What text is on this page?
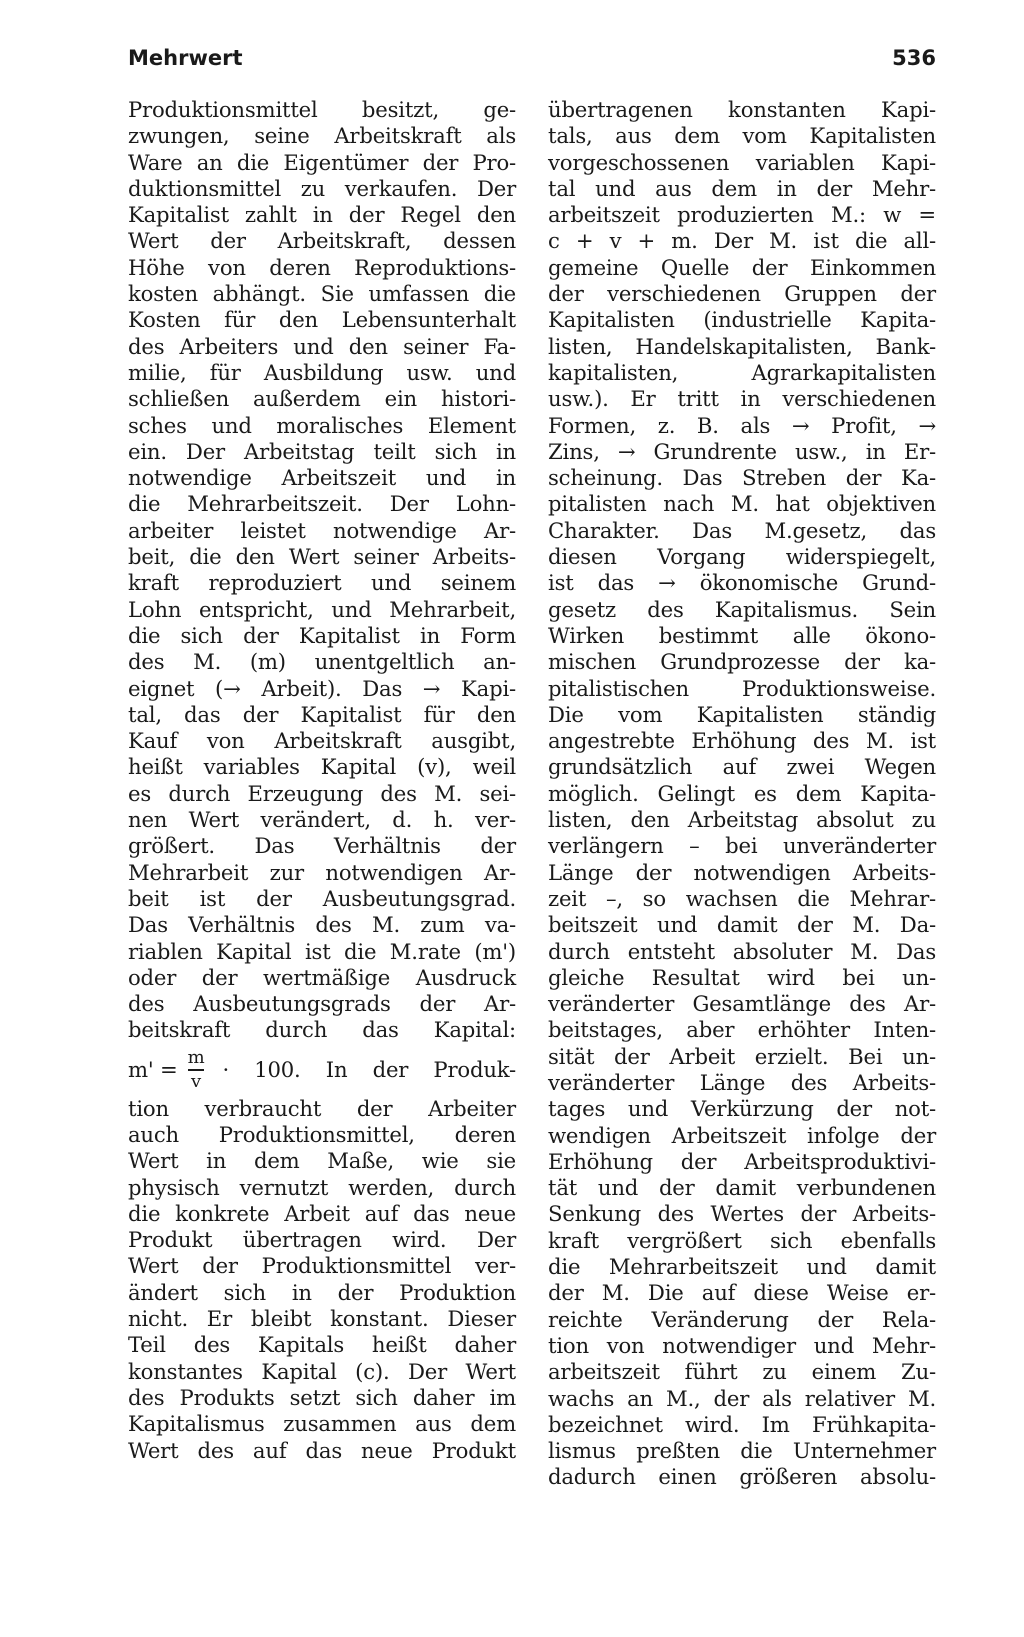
Mehrwert	536
Produktionsmittel besitzt, ge-
zwungen, seine Arbeitskraft als
Ware an die Eigentümer der Pro-
duktionsmittel zu verkaufen. Der
Kapitalist zahlt in der Regel den
Wert der Arbeitskraft, dessen
Höhe von deren Reproduktions-
kosten abhängt. Sie umfassen die
Kosten für den Lebensunterhalt
des Arbeiters und den seiner Fa-
milie, für Ausbildung usw. und
schließen außerdem ein histori-
sches und moralisches Element
ein. Der Arbeitstag teilt sich in
notwendige Arbeitszeit und in
die Mehrarbeitszeit. Der Lohn-
arbeiter leistet notwendige Ar-
beit, die den Wert seiner Arbeits-
kraft reproduziert und seinem
Lohn entspricht, und Mehrarbeit,
die sich der Kapitalist in Form
des M. (m) unentgeltlich an-
eignet (→ Arbeit). Das → Kapi-
tal, das der Kapitalist für den
Kauf von Arbeitskraft ausgibt,
heißt variables Kapital (v), weil
es durch Erzeugung des M. sei-
nen Wert verändert, d. h. ver-
größert. Das Verhältnis der
Mehrarbeit zur notwendigen Ar-
beit ist der Ausbeutungsgrad.
Das Verhältnis des M. zum va-
riablen Kapital ist die M.rate (m')
oder der wertmäßige Ausdruck
des Ausbeutungsgrads der Ar-
beitskraft durch das Kapital:
$m' = \frac{m}{v} \cdot 100$. In der Produk-
tion verbraucht der Arbeiter
auch Produktionsmittel, deren
Wert in dem Maße, wie sie
physisch vernutzt werden, durch
die konkrete Arbeit auf das neue
Produkt übertragen wird. Der
Wert der Produktionsmittel ver-
ändert sich in der Produktion
nicht. Er bleibt konstant. Dieser
Teil des Kapitals heißt daher
konstantes Kapital (c). Der Wert
des Produkts setzt sich daher im
Kapitalismus zusammen aus dem
Wert des auf das neue Produkt
übertragenen konstanten Kapi-
tals, aus dem vom Kapitalisten
vorgeschossenen variablen Kapi-
tal und aus dem in der Mehr-
arbeitszeit produzierten M.: w =
c + v + m. Der M. ist die all-
gemeine Quelle der Einkommen
der verschiedenen Gruppen der
Kapitalisten (industrielle Kapita-
listen, Handelskapitalisten, Bank-
kapitalisten, Agrarkapitalisten
usw.). Er tritt in verschiedenen
Formen, z. B. als → Profit, →
Zins, → Grundrente usw., in Er-
scheinung. Das Streben der Ka-
pitalisten nach M. hat objektiven
Charakter. Das M.gesetz, das
diesen Vorgang widerspiegelt,
ist das → ökonomische Grund-
gesetz des Kapitalismus. Sein
Wirken bestimmt alle ökono-
mischen Grundprozesse der ka-
pitalistischen Produktionsweise.
Die vom Kapitalisten ständig
angestrebte Erhöhung des M. ist
grundsätzlich auf zwei Wegen
möglich. Gelingt es dem Kapita-
listen, den Arbeitstag absolut zu
verlängern – bei unveränderter
Länge der notwendigen Arbeits-
zeit –, so wachsen die Mehrar-
beitszeit und damit der M. Da-
durch entsteht absoluter M. Das
gleiche Resultat wird bei un-
veränderter Gesamtlänge des Ar-
beitstages, aber erhöhter Inten-
sität der Arbeit erzielt. Bei un-
veränderter Länge des Arbeits-
tages und Verkürzung der not-
wendigen Arbeitszeit infolge der
Erhöhung der Arbeitsproduktivi-
tät und der damit verbundenen
Senkung des Wertes der Arbeits-
kraft vergrößert sich ebenfalls
die Mehrarbeitszeit und damit
der M. Die auf diese Weise er-
reichte Veränderung der Rela-
tion von notwendiger und Mehr-
arbeitszeit führt zu einem Zu-
wachs an M., der als relativer M.
bezeichnet wird. Im Frühkapita-
lismus preßten die Unternehmer
dadurch einen größeren absolu-
